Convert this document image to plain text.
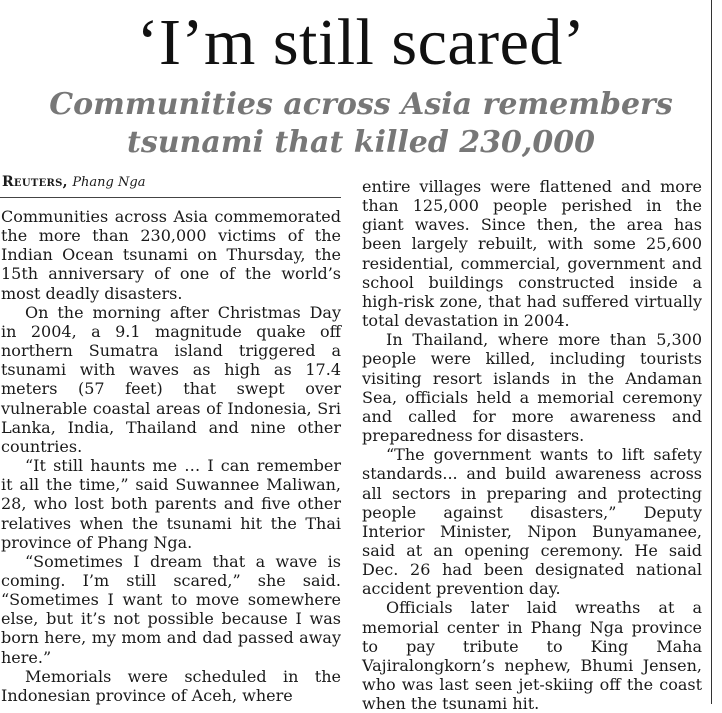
‘I’m still scared’
Communities across Asia remembers
tsunami that killed 230,000
Reuters, Phang Nga

Communities across Asia commemorated the more than 230,000 victims of the Indian Ocean tsunami on Thursday, the 15th anniversary of one of the world’s most deadly disasters.

On the morning after Christmas Day in 2004, a 9.1 magnitude quake off northern Sumatra island triggered a tsunami with waves as high as 17.4 meters (57 feet) that swept over vulnerable coastal areas of Indonesia, Sri Lanka, India, Thailand and nine other countries.

“It still haunts me … I can remember it all the time,” said Suwannee Maliwan, 28, who lost both parents and five other relatives when the tsunami hit the Thai province of Phang Nga.

“Sometimes I dream that a wave is coming. I’m still scared,” she said. “Sometimes I want to move somewhere else, but it’s not possible because I was born here, my mom and dad passed away here.”

Memorials were scheduled in the Indonesian province of Aceh, where

entire villages were flattened and more than 125,000 people perished in the giant waves. Since then, the area has been largely rebuilt, with some 25,600 residential, commercial, government and school buildings constructed inside a high-risk zone, that had suffered virtually total devastation in 2004.

In Thailand, where more than 5,300 people were killed, including tourists visiting resort islands in the Andaman Sea, officials held a memorial ceremony and called for more awareness and preparedness for disasters.

“The government wants to lift safety standards... and build awareness across all sectors in preparing and protecting people against disasters,” Deputy Interior Minister, Nipon Bunyamanee, said at an opening ceremony. He said Dec. 26 had been designated national accident prevention day.

Officials later laid wreaths at a memorial center in Phang Nga province to pay tribute to King Maha Vajiralongkorn’s nephew, Bhumi Jensen, who was last seen jet-skiing off the coast when the tsunami hit.
